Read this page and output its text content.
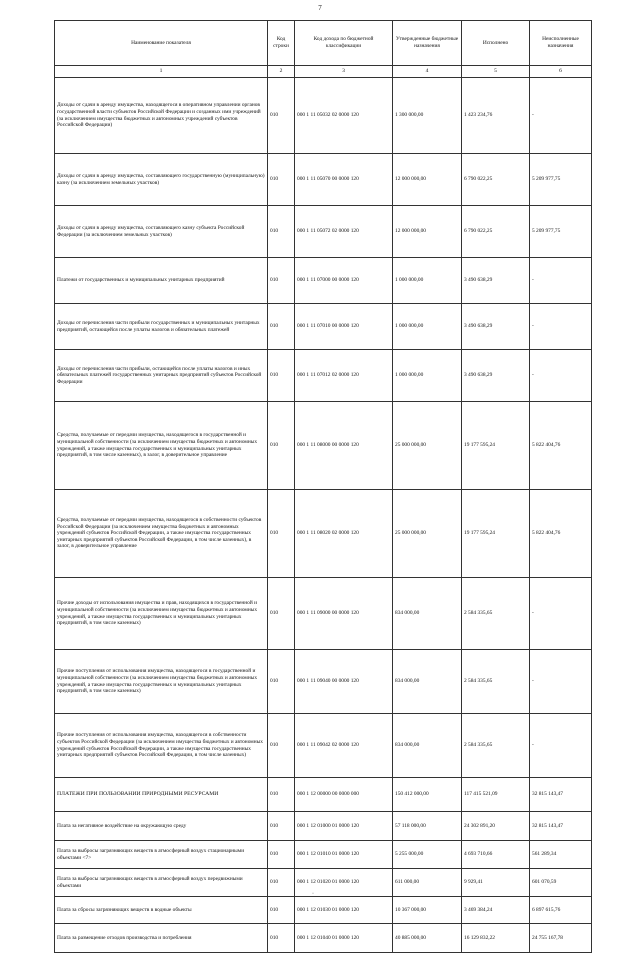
7
Наименование показателя	Код строки	Код дохода по бюджетной классификации	Утвержденные бюджетные назначения	Исполнено	Неисполненные назначения
1	2	3	4	5	6
Доходы от сдачи в аренду имущества, находящегося в оперативном управлении органов государственной власти субъектов Российской Федерации и созданных ими учреждений (за исключением имущества бюджетных и автономных учреждений субъектов Российской Федерации)	010	000 1 11 05032 02 0000 120	1 300 000,00	1 423 234,76	-
Доходы от сдачи в аренду имущества, составляющего государственную (муниципальную) казну (за исключением земельных участков)	010	000 1 11 05070 00 0000 120	12 000 000,00	6 790 022,25	5 209 977,75
Доходы от сдачи в аренду имущества, составляющего казну субъекта Российской Федерации (за исключением земельных участков)	010	000 1 11 05072 02 0000 120	12 000 000,00	6 790 022,25	5 209 977,75
Платежи от государственных и муниципальных унитарных предприятий	010	000 1 11 07000 00 0000 120	1 000 000,00	3 490 638,29	-
Доходы от перечисления части прибыли государственных и муниципальных унитарных предприятий, остающейся после уплаты налогов и обязательных платежей	010	000 1 11 07010 00 0000 120	1 000 000,00	3 490 638,29	-
Доходы от перечисления части прибыли, остающейся после уплаты налогов и иных обязательных платежей государственных унитарных предприятий субъектов Российской Федерации	010	000 1 11 07012 02 0000 120	1 000 000,00	3 490 638,29	-
Средства, получаемые от передачи имущества, находящегося в государственной и муниципальной собственности (за исключением имущества бюджетных и автономных учреждений, а также имущества государственных и муниципальных унитарных предприятий, в том числе казенных), в залог, в доверительное управление	010	000 1 11 08000 00 0000 120	25 000 000,00	19 177 595,24	5 822 404,76
Средства, получаемые от передачи имущества, находящегося в собственности субъектов Российской Федерации (за исключением имущества бюджетных и автономных учреждений субъектов Российской Федерации, а также имущества государственных унитарных предприятий субъектов Российской Федерации, в том числе казенных), в залог, в доверительное управление	010	000 1 11 08020 02 0000 120	25 000 000,00	19 177 595,24	5 822 404,76
Прочие доходы от использования имущества и прав, находящихся в государственной и муниципальной собственности (за исключением имущества бюджетных и автономных учреждений, а также имущества государственных и муниципальных унитарных предприятий, в том числе казенных)	010	000 1 11 09000 00 0000 120	834 000,00	2 584 335,65	-
Прочие поступления от использования имущества, находящегося в государственной и муниципальной собственности (за исключением имущества бюджетных и автономных учреждений, а также имущества государственных и муниципальных унитарных предприятий, в том числе казенных)	010	000 1 11 09040 00 0000 120	834 000,00	2 584 335,65	-
Прочие поступления от использования имущества, находящегося в собственности субъектов Российской Федерации (за исключением имущества бюджетных и автономных учреждений субъектов Российской Федерации, а также имущества государственных унитарных предприятий субъектов Российской Федерации, в том числе казенных)	010	000 1 11 09042 02 0000 120	834 000,00	2 584 335,65	-
ПЛАТЕЖИ ПРИ ПОЛЬЗОВАНИИ ПРИРОДНЫМИ РЕСУРСАМИ	010	000 1 12 00000 00 0000 000	150 412 000,00	117 415 521,09	32 815 143,47
Плата за негативное воздействие на окружающую среду	010	000 1 12 01000 01 0000 120	57 118 000,00	24 302 891,20	32 815 143,47
Плата за выбросы загрязняющих веществ в атмосферный воздух стационарными объектами <7>	010	000 1 12 01010 01 0000 120	5 255 000,00	4 693 710,66	561 289,34
Плата за выбросы загрязняющих веществ в атмосферный воздух передвижными объектами	010	000 1 12 01020 01 0000 120	611 000,00	9 929,41	601 070,59
Плата за сбросы загрязняющих веществ в водные объекты	010	000 1 12 01030 01 0000 120	10 367 000,00	3 469 384,24	6 897 615,76
Плата за размещение отходов производства и потребления	010	000 1 12 01040 01 0000 120	40 885 000,00	16 129 832,22	24 755 167,78
·
